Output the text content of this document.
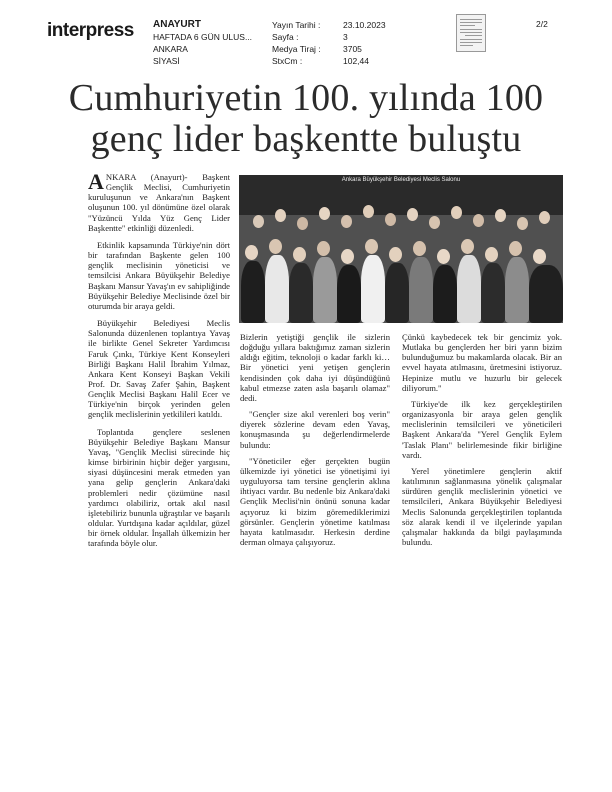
interpress ANAYURT
HAFTADA 6 GÜN ULUS...
ANKARA
SİYASİ
Yayın Tarihi :
Sayfa :
Medya Tiraj :
StxCm :
23.10.2023
3
3705
102,44
2/2
Cumhuriyetin 100. yılında 100
genç lider başkentte buluştu

ANKARA (Anayurt)- Başkent Gençlik Meclisi, Cumhuriyetin kuruluşunun ve Ankara'nın Başkent oluşunun 100. yıl dönümüne özel olarak "Yüzüncü Yılda Yüz Genç Lider Başkentte" etkinliği düzenledi.

Etkinlik kapsamında Türkiye'nin dört bir tarafından Başkente gelen 100 gençlik meclisinin yöneticisi ve temsilcisi Ankara Büyükşehir Belediye Başkanı Mansur Yavaş'ın ev sahipliğinde Büyükşehir Belediye Meclisinde özel bir oturumda bir araya geldi.

Büyükşehir Belediyesi Meclis Salonunda düzenlenen toplantıya Yavaş ile birlikte Genel Sekreter Yardımcısı Faruk Çınkı, Türkiye Kent Konseyleri Birliği Başkanı Halil İbrahim Yılmaz, Ankara Kent Konseyi Başkan Vekili Prof. Dr. Savaş Zafer Şahin, Başkent Gençlik Meclisi Başkanı Halil Ecer ve Türkiye'nin birçok yerinden gelen gençlik meclislerinin yetkilileri katıldı.

Toplantıda gençlere seslenen Büyükşehir Belediye Başkanı Mansur Yavaş, "Gençlik Meclisi sürecinde hiç kimse birbirinin hiçbir değer yargısını, siyasi düşüncesini merak etmeden yan yana gelip gençlerin Ankara'daki problemleri nedir çözümüne nasıl yardımcı olabiliriz, ortak akıl nasıl işletebiliriz bununla uğraştılar ve başarılı oldular. Yurtdışına kadar açıldılar, güzel bir örnek oldular. İnşallah ülkemizin her tarafında böyle olur.

Ankara Büyükşehir Belediyesi Meclis Salonu

Bizlerin yetiştiği gençlik ile sizlerin doğduğu yıllara baktığımız zaman sizlerin aldığı eğitim, teknoloji o kadar farklı ki… Bir yönetici yeni yetişen gençlerin kendisinden çok daha iyi düşündüğünü kabul etmezse zaten asla başarılı olamaz" dedi.

"Gençler size akıl verenleri boş verin" diyerek sözlerine devam eden Yavaş, konuşmasında şu değerlendirmelerde bulundu:

"Yöneticiler eğer gerçekten bugün ülkemizde iyi yönetici ise yönetişimi iyi uyguluyorsa tam tersine gençlerin aklına ihtiyacı vardır. Bu nedenle biz Ankara'daki Gençlik Meclisi'nin önünü sonuna kadar açıyoruz ki bizim göremediklerimizi görsünler. Gençlerin yönetime katılması hayata katılmasıdır. Herkesin derdine derman olmaya çalışıyoruz.

Çünkü kaybedecek tek bir gencimiz yok. Mutlaka bu gençlerden her biri yarın bizim bulunduğumuz bu makamlarda olacak. Bir an evvel hayata atılmasını, üretmesini istiyoruz. Hepinize mutlu ve huzurlu bir gelecek diliyorum."

Türkiye'de ilk kez gerçekleştirilen organizasyonla bir araya gelen gençlik meclislerinin temsilcileri ve yöneticileri Başkent Ankara'da "Yerel Gençlik Eylem 'Taslak Planı" belirlemesinde fikir birliğine vardı.

Yerel yönetimlere gençlerin aktif katılımının sağlanmasına yönelik çalışmalar sürdüren gençlik meclislerinin yönetici ve temsilcileri, Ankara Büyükşehir Belediyesi Meclis Salonunda gerçekleştirilen toplantıda söz alarak kendi il ve ilçelerinde yapılan çalışmalar hakkında da bilgi paylaşımında bulundu.
